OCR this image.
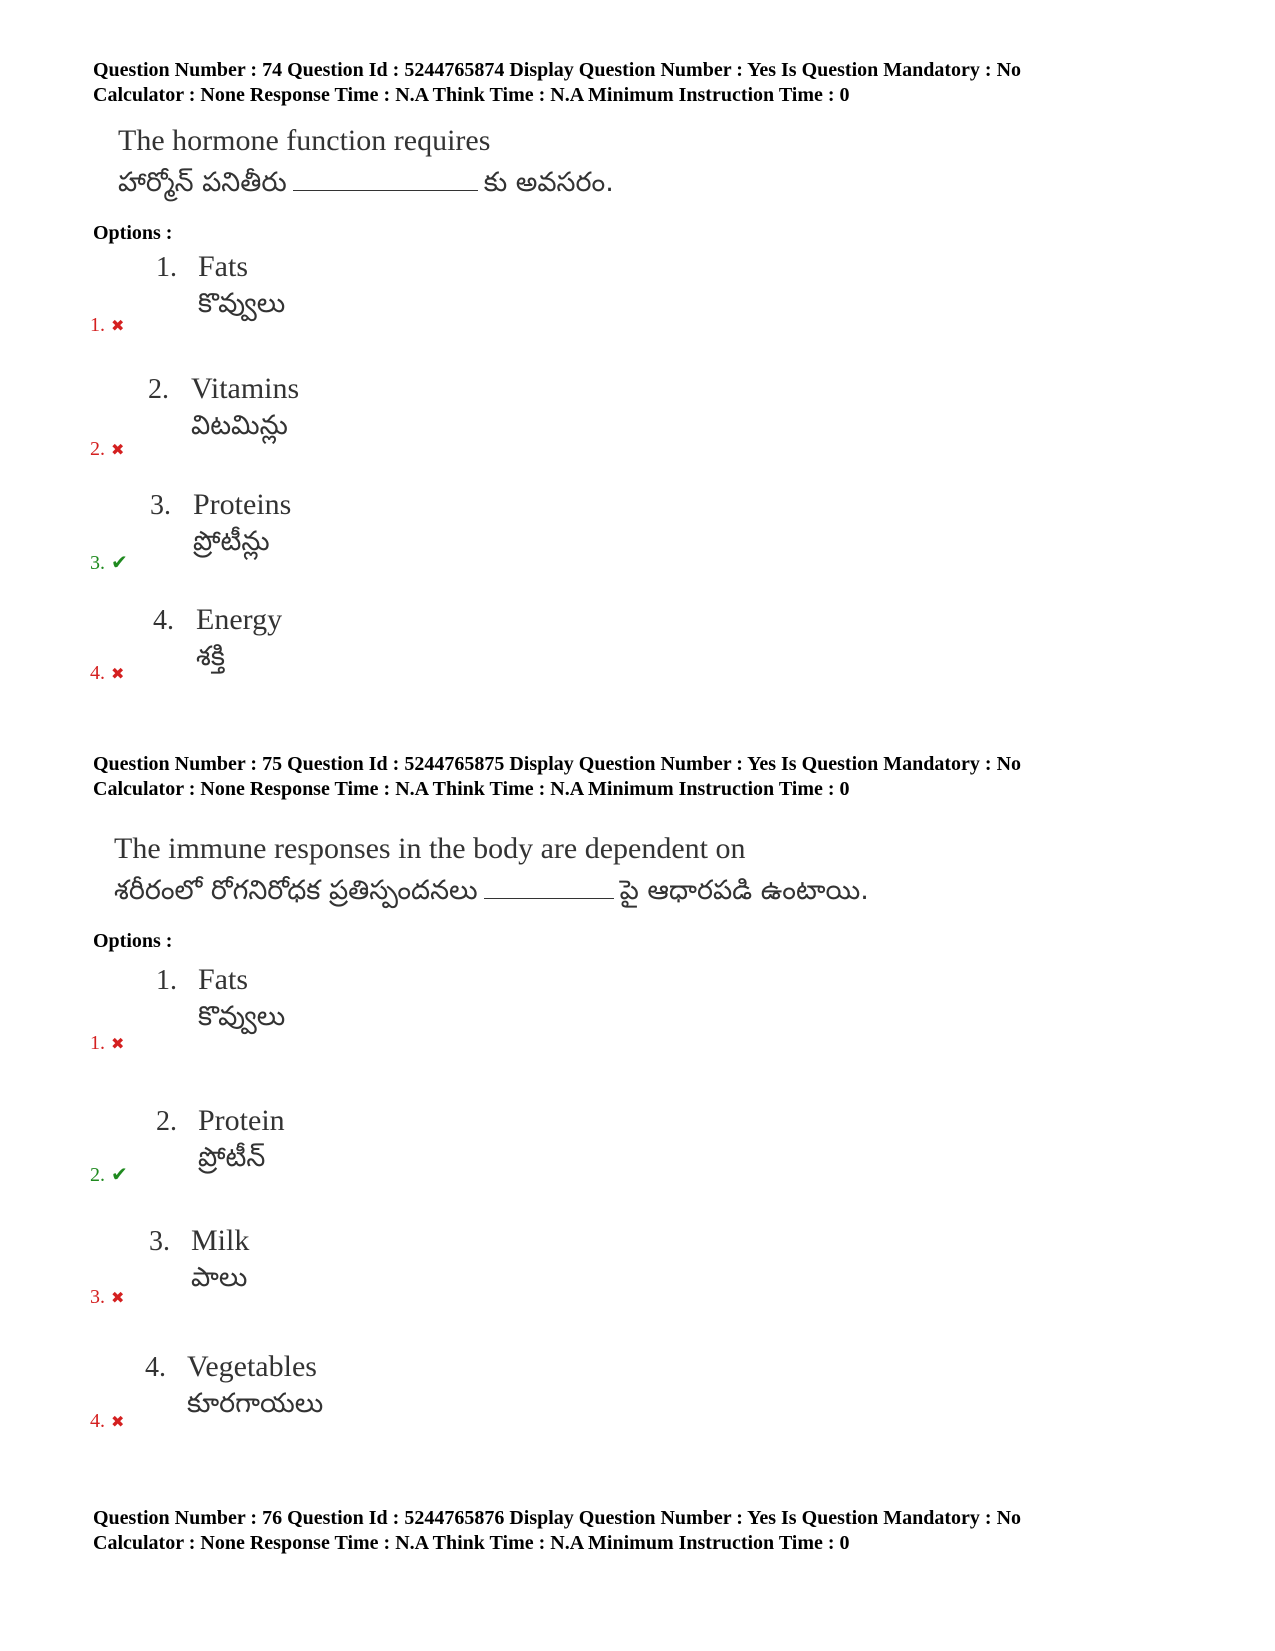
Question Number : 74 Question Id : 5244765874 Display Question Number : Yes Is Question Mandatory : No
Calculator : None Response Time : N.A Think Time : N.A Minimum Instruction Time : 0
The hormone function requires
హార్మోన్ పనితీరు	కు అవసరం.
Options :
1. Fats
కొవ్వులు
1. ✖
2. Vitamins
విటమిన్లు
2. ✖
3. Proteins
ప్రోటీన్లు
3. ✔
4. Energy
శక్తి
4. ✖
Question Number : 75 Question Id : 5244765875 Display Question Number : Yes Is Question Mandatory : No
Calculator : None Response Time : N.A Think Time : N.A Minimum Instruction Time : 0
The immune responses in the body are dependent on
శరీరంలో రోగనిరోధక ప్రతిస్పందనలు	పై ఆధారపడి ఉంటాయి.
Options :
1. Fats
కొవ్వులు
1. ✖
2. Protein
ప్రోటీన్
2. ✔
3. Milk
పాలు
3. ✖
4. Vegetables
కూరగాయలు
4. ✖
Question Number : 76 Question Id : 5244765876 Display Question Number : Yes Is Question Mandatory : No
Calculator : None Response Time : N.A Think Time : N.A Minimum Instruction Time : 0
